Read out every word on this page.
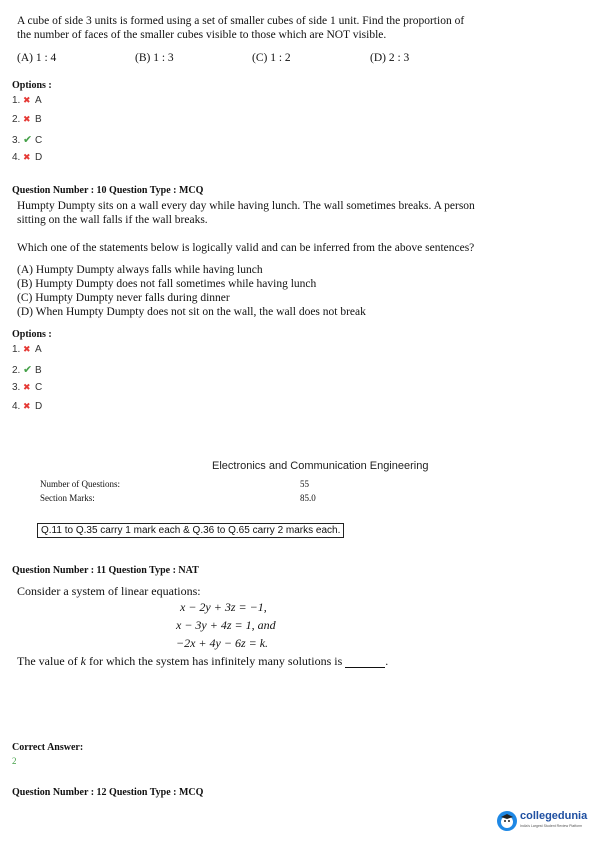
A cube of side 3 units is formed using a set of smaller cubes of side 1 unit. Find the proportion of
the number of faces of the smaller cubes visible to those which are NOT visible.
(A) 1 : 4	(B) 1 : 3	(C) 1 : 2	(D) 2 : 3
Options :
1. ✖ A
2. ✖ B
3. ✔ C
4. ✖ D
Question Number : 10 Question Type : MCQ
Humpty Dumpty sits on a wall every day while having lunch. The wall sometimes breaks. A person
sitting on the wall falls if the wall breaks.
Which one of the statements below is logically valid and can be inferred from the above sentences?
(A) Humpty Dumpty always falls while having lunch
(B) Humpty Dumpty does not fall sometimes while having lunch
(C) Humpty Dumpty never falls during dinner
(D) When Humpty Dumpty does not sit on the wall, the wall does not break
Options :
1. ✖ A
2. ✔ B
3. ✖ C
4. ✖ D
Electronics and Communication Engineering
Number of Questions:	55
Section Marks:	85.0
Q.11 to Q.35 carry 1 mark each & Q.36 to Q.65 carry 2 marks each.
Question Number : 11 Question Type : NAT
Consider a system of linear equations:
x − 2y + 3z = −1,
x − 3y + 4z = 1, and
−2x + 4y − 6z = k.
The value of k for which the system has infinitely many solutions is	.
Correct Answer:
2
Question Number : 12 Question Type : MCQ
collegedunia
India's Largest Student Review Platform
